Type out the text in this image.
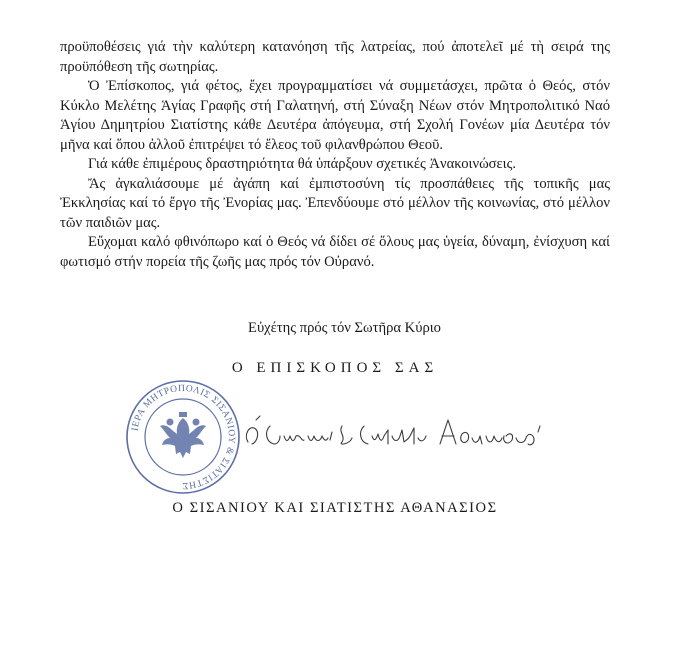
προϋποθέσεις γιά τὴν καλύτερη κατανόηση τῆς λατρείας, πού ἀποτελεῖ μέ τὴ σειρά της προϋπόθεση τῆς σωτηρίας.

Ὁ Ἐπίσκοπος, γιά φέτος, ἔχει προγραμματίσει νά συμμετάσχει, πρῶτα ὁ Θεός, στόν Κύκλο Μελέτης Ἁγίας Γραφῆς στή Γαλατηνή, στή Σύναξη Νέων στόν Μητροπολιτικό Ναό Ἁγίου Δημητρίου Σιατίστης κάθε Δευτέρα ἀπόγευμα, στή Σχολή Γονέων μία Δευτέρα τόν μῆνα καί ὅπου ἀλλοῦ ἐπιτρέψει τό ἔλεος τοῦ φιλανθρώπου Θεοῦ.

Γιά κάθε ἐπιμέρους δραστηριότητα θά ὑπάρξουν σχετικές Ἀνακοινώσεις.

Ἄς ἀγκαλιάσουμε μέ ἀγάπη καί ἐμπιστοσύνη τίς προσπάθειες τῆς τοπικῆς μας Ἐκκλησίας καί τό ἔργο τῆς Ἐνορίας μας. Ἐπενδύουμε στό μέλλον τῆς κοινωνίας, στό μέλλον τῶν παιδιῶν μας.

Εὔχομαι καλό φθινόπωρο καί ὁ Θεός νά δίδει σέ ὅλους μας ὑγεία, δύναμη, ἐνίσχυση καί φωτισμό στήν πορεία τῆς ζωῆς μας πρός τόν Οὐρανό.

Εὐχέτης πρός τόν Σωτῆρα Κύριο
Ο ΕΠΙΣΚΟΠΟΣ ΣΑΣ
ΙΕΡΑ ΜΗΤΡΟΠΟΛΙΣ ΣΙΣΑΝΙΟΥ & ΣΙΑΤΙΣΤΗΣ
Ο ΣΙΣΑΝΙΟΥ ΚΑΙ ΣΙΑΤΙΣΤΗΣ ΑΘΑΝΑΣΙΟΣ
